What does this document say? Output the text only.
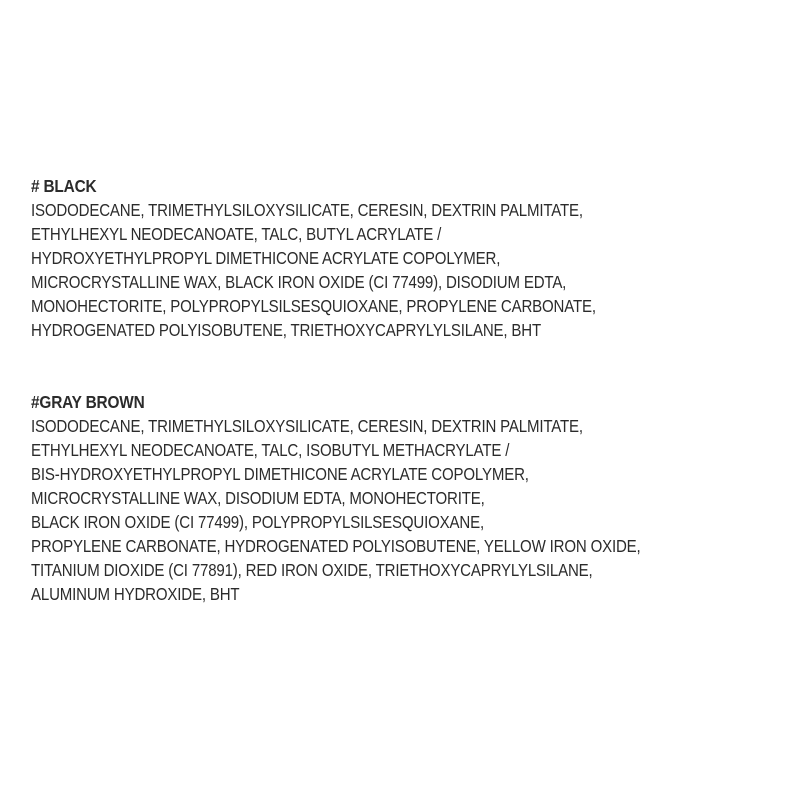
# BLACK
ISODODECANE, TRIMETHYLSILOXYSILICATE, CERESIN, DEXTRIN PALMITATE,
ETHYLHEXYL NEODECANOATE, TALC, BUTYL ACRYLATE /
HYDROXYETHYLPROPYL DIMETHICONE ACRYLATE COPOLYMER,
MICROCRYSTALLINE WAX, BLACK IRON OXIDE (CI 77499), DISODIUM EDTA,
MONOHECTORITE, POLYPROPYLSILSESQUIOXANE, PROPYLENE CARBONATE,
HYDROGENATED POLYISOBUTENE, TRIETHOXYCAPRYLYLSILANE, BHT
#GRAY BROWN
ISODODECANE, TRIMETHYLSILOXYSILICATE, CERESIN, DEXTRIN PALMITATE,
ETHYLHEXYL NEODECANOATE, TALC, ISOBUTYL METHACRYLATE /
BIS-HYDROXYETHYLPROPYL DIMETHICONE ACRYLATE COPOLYMER,
MICROCRYSTALLINE WAX, DISODIUM EDTA, MONOHECTORITE,
BLACK IRON OXIDE (CI 77499), POLYPROPYLSILSESQUIOXANE,
PROPYLENE CARBONATE, HYDROGENATED POLYISOBUTENE, YELLOW IRON OXIDE,
TITANIUM DIOXIDE (CI 77891), RED IRON OXIDE, TRIETHOXYCAPRYLYLSILANE,
ALUMINUM HYDROXIDE, BHT
